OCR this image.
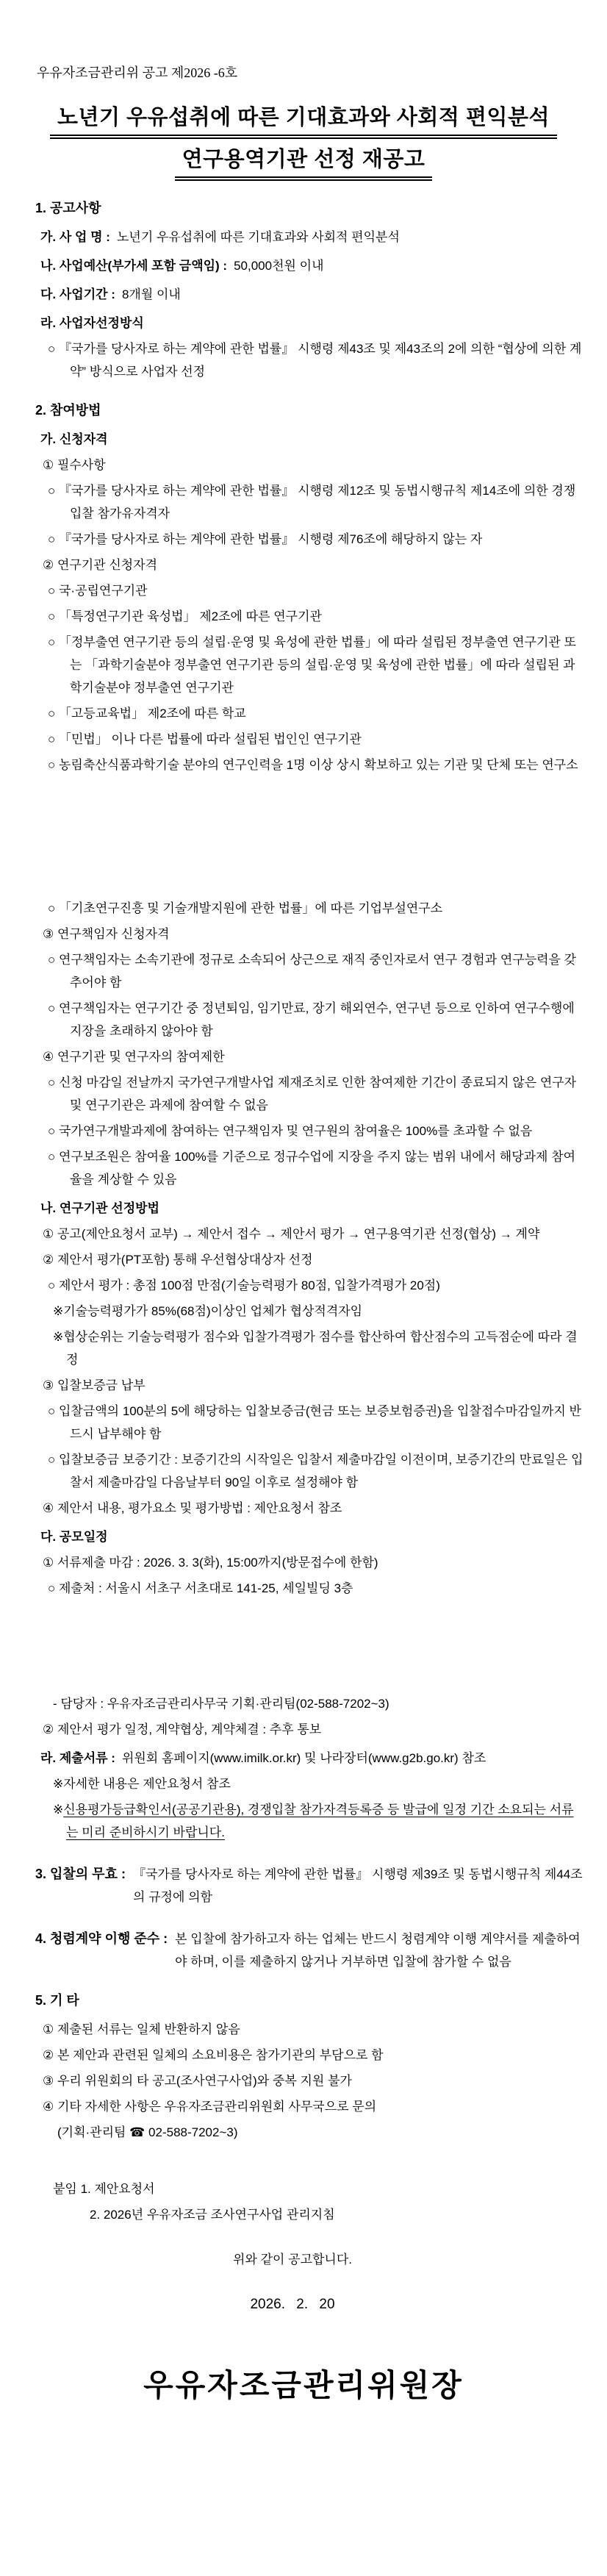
우유자조금관리위 공고 제2026 -6호
노년기 우유섭취에 따른 기대효과와 사회적 편익분석
연구용역기관 선정 재공고
1. 공고사항
가. 사 업 명 : 노년기 우유섭취에 따른 기대효과와 사회적 편익분석
나. 사업예산(부가세 포함 금액임) : 50,000천원 이내
다. 사업기간 : 8개월 이내
라. 사업자선정방식
○ 『국가를 당사자로 하는 계약에 관한 법률』 시행령 제43조 및 제43조의 2에 의한 “협상에 의한 계약” 방식으로 사업자 선정
2. 참여방법
가. 신청자격
① 필수사항
○ 『국가를 당사자로 하는 계약에 관한 법률』 시행령 제12조 및 동법시행규칙 제14조에 의한 경쟁입찰 참가유자격자
○ 『국가를 당사자로 하는 계약에 관한 법률』 시행령 제76조에 해당하지 않는 자
② 연구기관 신청자격
○ 국·공립연구기관
○ 「특정연구기관 육성법」 제2조에 따른 연구기관
○ 「정부출연 연구기관 등의 설립·운영 및 육성에 관한 법률」에 따라 설립된 정부출연 연구기관 또는 「과학기술분야 정부출연 연구기관 등의 설립·운영 및 육성에 관한 법률」에 따라 설립된 과학기술분야 정부출연 연구기관
○ 「고등교육법」 제2조에 따른 학교
○ 「민법」 이나 다른 법률에 따라 설립된 법인인 연구기관
○ 농림축산식품과학기술 분야의 연구인력을 1명 이상 상시 확보하고 있는 기관 및 단체 또는 연구소
○ 「기초연구진흥 및 기술개발지원에 관한 법률」에 따른 기업부설연구소
③ 연구책임자 신청자격
○ 연구책임자는 소속기관에 정규로 소속되어 상근으로 재직 중인자로서 연구 경험과 연구능력을 갖추어야 함
○ 연구책임자는 연구기간 중 정년퇴임, 임기만료, 장기 해외연수, 연구년 등으로 인하여 연구수행에 지장을 초래하지 않아야 함
④ 연구기관 및 연구자의 참여제한
○ 신청 마감일 전날까지 국가연구개발사업 제재조치로 인한 참여제한 기간이 종료되지 않은 연구자 및 연구기관은 과제에 참여할 수 없음
○ 국가연구개발과제에 참여하는 연구책임자 및 연구원의 참여율은 100%를 초과할 수 없음
○ 연구보조원은 참여율 100%를 기준으로 정규수업에 지장을 주지 않는 범위 내에서 해당과제 참여율을 계상할 수 있음
나. 연구기관 선정방법
① 공고(제안요청서 교부) → 제안서 접수 → 제안서 평가 → 연구용역기관 선정(협상) → 계약
② 제안서 평가(PT포함) 통해 우선협상대상자 선정
○ 제안서 평가 : 총점 100점 만점(기술능력평가 80점, 입찰가격평가 20점)
※기술능력평가가 85%(68점)이상인 업체가 협상적격자임
※협상순위는 기술능력평가 점수와 입찰가격평가 점수를 합산하여 합산점수의 고득점순에 따라 결정
③ 입찰보증금 납부
○ 입찰금액의 100분의 5에 해당하는 입찰보증금(현금 또는 보증보험증권)을 입찰접수마감일까지 반드시 납부해야 함
○ 입찰보증금 보증기간 : 보증기간의 시작일은 입찰서 제출마감일 이전이며, 보증기간의 만료일은 입찰서 제출마감일 다음날부터 90일 이후로 설정해야 함
④ 제안서 내용, 평가요소 및 평가방법 : 제안요청서 참조
다. 공모일정
① 서류제출 마감 : 2026. 3. 3(화), 15:00까지(방문접수에 한함)
○ 제출처 : 서울시 서초구 서초대로 141-25, 세일빌딩 3층
- 담당자 : 우유자조금관리사무국 기획·관리팀(02-588-7202~3)
② 제안서 평가 일정, 계약협상, 계약체결 : 추후 통보
라. 제출서류 : 위원회 홈페이지(www.imilk.or.kr) 및 나라장터(www.g2b.go.kr) 참조
※자세한 내용은 제안요청서 참조
※신용평가등급확인서(공공기관용), 경쟁입찰 참가자격등록증 등 발급에 일정 기간 소요되는 서류는 미리 준비하시기 바랍니다.
3. 입찰의 무효 : 『국가를 당사자로 하는 계약에 관한 법률』 시행령 제39조 및 동법시행규칙 제44조의 규정에 의함
4. 청렴계약 이행 준수 : 본 입찰에 참가하고자 하는 업체는 반드시 청렴계약 이행 계약서를 제출하여야 하며, 이를 제출하지 않거나 거부하면 입찰에 참가할 수 없음
5. 기 타
① 제출된 서류는 일체 반환하지 않음
② 본 제안과 관련된 일체의 소요비용은 참가기관의 부담으로 함
③ 우리 위원회의 타 공고(조사연구사업)와 중복 지원 불가
④ 기타 자세한 사항은 우유자조금관리위원회 사무국으로 문의
(기획·관리팀 ☎ 02-588-7202~3)
붙임 1. 제안요청서
2. 2026년 우유자조금 조사연구사업 관리지침
위와 같이 공고합니다.
2026. 2. 20
우유자조금관리위원장
